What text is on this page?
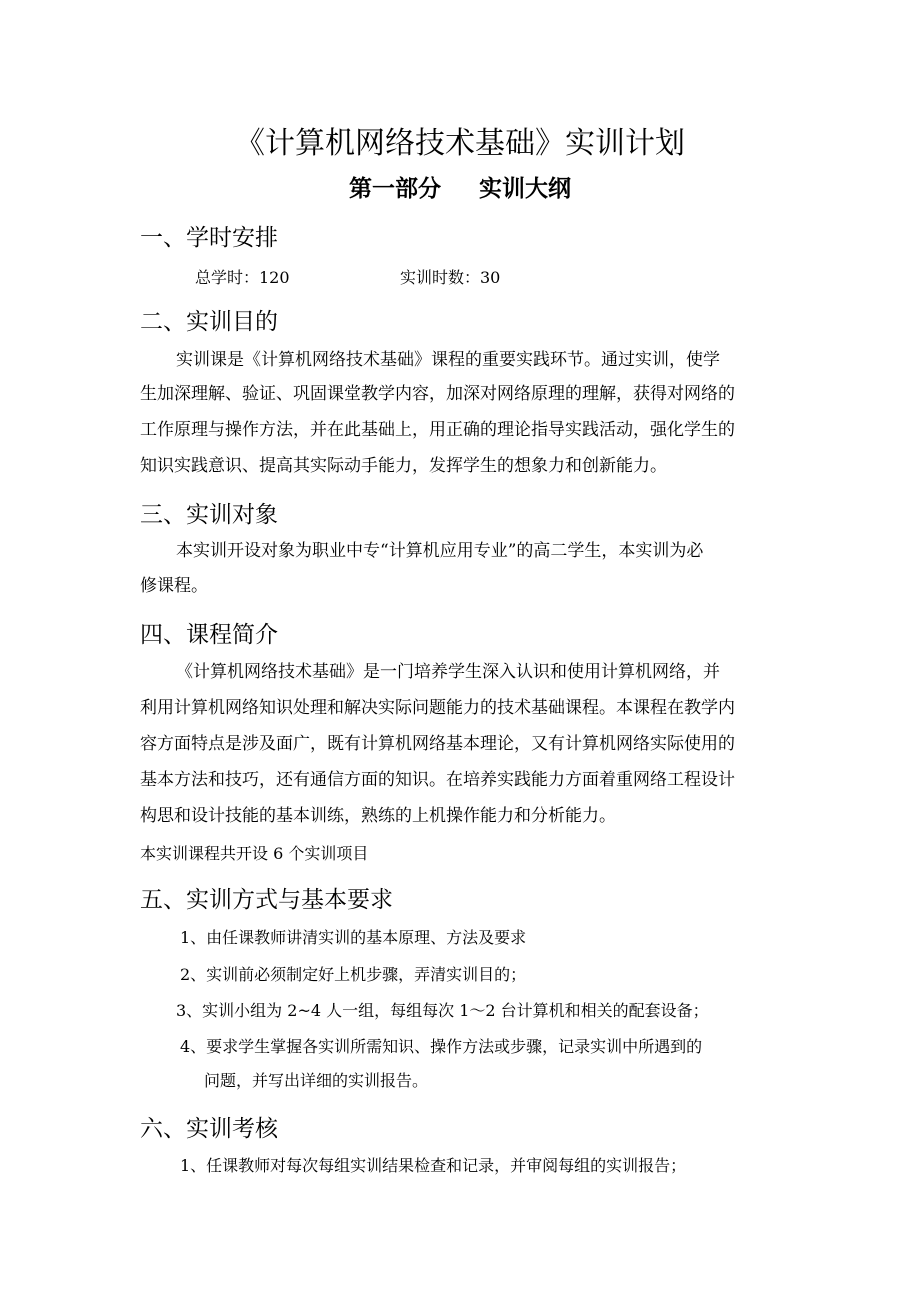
《计算机网络技术基础》实训计划
第一部分 实训大纲
一、学时安排
总学时：120	实训时数：30
二、实训目的
实训课是《计算机网络技术基础》课程的重要实践环节。通过实训，使学
生加深理解、验证、巩固课堂教学内容，加深对网络原理的理解，获得对网络的
工作原理与操作方法，并在此基础上，用正确的理论指导实践活动，强化学生的
知识实践意识、提高其实际动手能力，发挥学生的想象力和创新能力。
三、实训对象
本实训开设对象为职业中专“计算机应用专业”的高二学生，本实训为必
修课程。
四、课程简介
《计算机网络技术基础》是一门培养学生深入认识和使用计算机网络，并
利用计算机网络知识处理和解决实际问题能力的技术基础课程。本课程在教学内
容方面特点是涉及面广，既有计算机网络基本理论，又有计算机网络实际使用的
基本方法和技巧，还有通信方面的知识。在培养实践能力方面着重网络工程设计
构思和设计技能的基本训练，熟练的上机操作能力和分析能力。
本实训课程共开设 6 个实训项目
五、实训方式与基本要求
1、由任课教师讲清实训的基本原理、方法及要求
2、实训前必须制定好上机步骤，弄清实训目的；
3、实训小组为 2~4 人一组，每组每次 1～2 台计算机和相关的配套设备；
4、要求学生掌握各实训所需知识、操作方法或步骤，记录实训中所遇到的
问题，并写出详细的实训报告。
六、实训考核
1、任课教师对每次每组实训结果检查和记录，并审阅每组的实训报告；
